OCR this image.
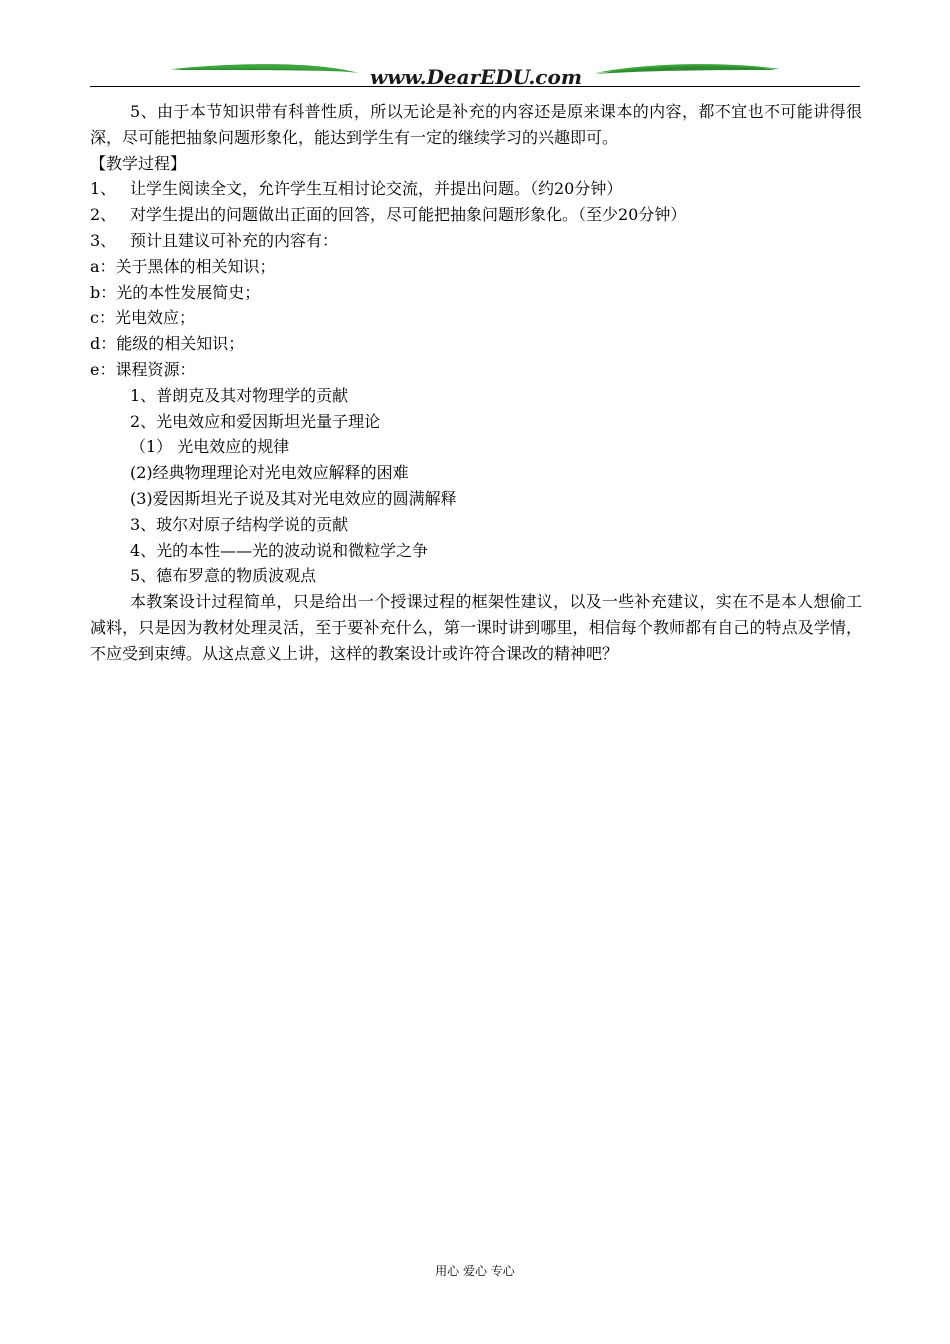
www.DearEDU.com
5、由于本节知识带有科普性质，所以无论是补充的内容还是原来课本的内容，都不宜也不可能讲得很深，尽可能把抽象问题形象化，能达到学生有一定的继续学习的兴趣即可。
【教学过程】
1、 让学生阅读全文，允许学生互相讨论交流，并提出问题。（约20分钟）
2、 对学生提出的问题做出正面的回答，尽可能把抽象问题形象化。（至少20分钟）
3、 预计且建议可补充的内容有：
a：关于黑体的相关知识；
b：光的本性发展简史；
c：光电效应；
d：能级的相关知识；
e：课程资源：
1、普朗克及其对物理学的贡献
2、光电效应和爱因斯坦光量子理论
（1） 光电效应的规律
(2)经典物理理论对光电效应解释的困难
(3)爱因斯坦光子说及其对光电效应的圆满解释
3、玻尔对原子结构学说的贡献
4、光的本性——光的波动说和微粒学之争
5、德布罗意的物质波观点
本教案设计过程简单，只是给出一个授课过程的框架性建议，以及一些补充建议，实在不是本人想偷工减料，只是因为教材处理灵活，至于要补充什么，第一课时讲到哪里，相信每个教师都有自己的特点及学情，不应受到束缚。从这点意义上讲，这样的教案设计或许符合课改的精神吧？
用心 爱心 专心
